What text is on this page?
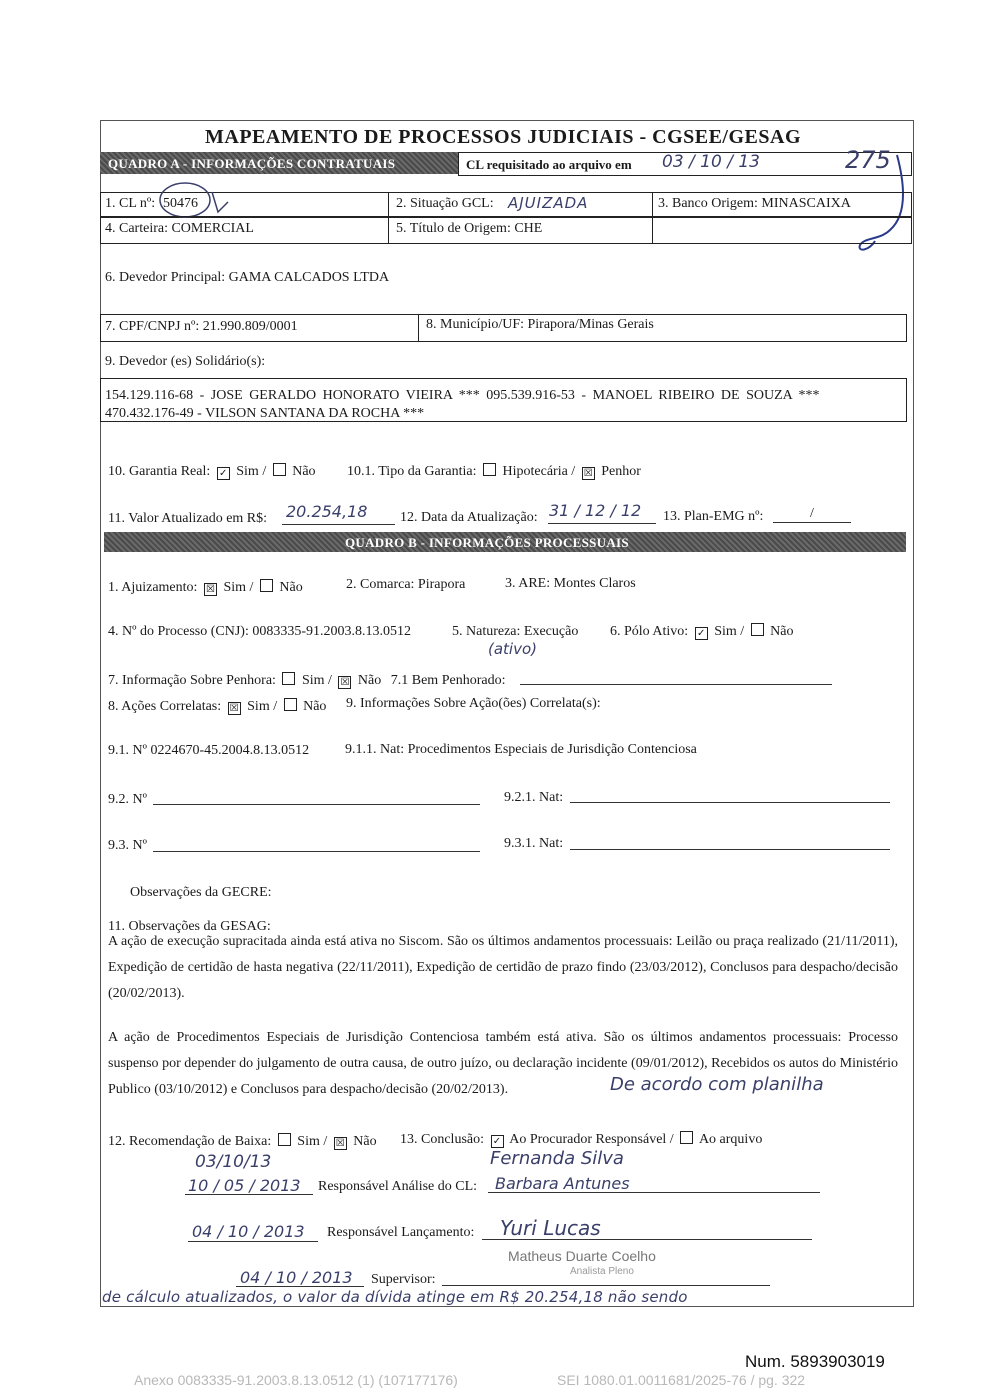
MAPEAMENTO DE PROCESSOS JUDICIAIS - CGSEE/GESAG
QUADRO A - INFORMAÇÕES CONTRATUAIS	CL requisitado ao arquivo em 03 / 10 / 13	275
1. CL nº: 50476	2. Situação GCL: AJUIZADA	3. Banco Origem: MINASCAIXA
4. Carteira: COMERCIAL	5. Título de Origem: CHE
6. Devedor Principal: GAMA CALCADOS LTDA
7. CPF/CNPJ nº: 21.990.809/0001	8. Município/UF: Pirapora/Minas Gerais
9. Devedor (es) Solidário(s):
154.129.116-68 - JOSE GERALDO HONORATO VIEIRA *** 095.539.916-53 - MANOEL RIBEIRO DE SOUZA ***
470.432.176-49 - VILSON SANTANA DA ROCHA ***
10. Garantia Real: ✓ Sim / Não 10.1. Tipo da Garantia: Hipotecária / ☒ Penhor
11. Valor Atualizado em R$: 20.254,18 12. Data da Atualização: 31 / 12 / 12 13. Plan-EMG nº:	/
QUADRO B - INFORMAÇÕES PROCESSUAIS
1. Ajuizamento: ☒ Sim / Não	2. Comarca: Pirapora	3. ARE: Montes Claros
4. Nº do Processo (CNJ): 0083335-91.2003.8.13.0512	5. Natureza: Execução
(ativo)
6. Pólo Ativo: ✓ Sim / Não
7. Informação Sobre Penhora: Sim / ☒ Não 7.1 Bem Penhorado:
8. Ações Correlatas: ☒ Sim / Não 9. Informações Sobre Ação(ões) Correlata(s):
9.1. Nº 0224670-45.2004.8.13.0512	9.1.1. Nat: Procedimentos Especiais de Jurisdição Contenciosa
9.2. Nº	9.2.1. Nat:
9.3. Nº	9.3.1. Nat:
Observações da GECRE:
11. Observações da GESAG:
A ação de execução supracitada ainda está ativa no Siscom. São os últimos andamentos processuais: Leilão ou praça realizado (21/11/2011), Expedição de certidão de hasta negativa (22/11/2011), Expedição de certidão de prazo findo (23/03/2012), Conclusos para despacho/decisão (20/02/2013).
A ação de Procedimentos Especiais de Jurisdição Contenciosa também está ativa. São os últimos andamentos processuais: Processo suspenso por depender do julgamento de outra causa, de outro juízo, ou declaração incidente (09/01/2012), Recebidos os autos do Ministério Publico (03/10/2012) e Conclusos para despacho/decisão (20/02/2013).	De acordo com planilha
12. Recomendação de Baixa: Sim / ☒ Não 13. Conclusão: ✓ Ao Procurador Responsável / Ao arquivo
03/10/13	Fernanda Silva
10 / 05 / 2013 Responsável Análise do CL: Barbara Antunes
04 / 10 / 2013 Responsável Lançamento: Yuri Lucas
Matheus Duarte Coelho
Analista Pleno
04 / 10 / 2013 Supervisor:
de cálculo atualizados, o valor da dívida atinge em R$ 20.254,18 não sendo
Num. 5893903019
Anexo 0083335-91.2003.8.13.0512 (1) (107177176)	SEI 1080.01.0011681/2025-76 / pg. 322
